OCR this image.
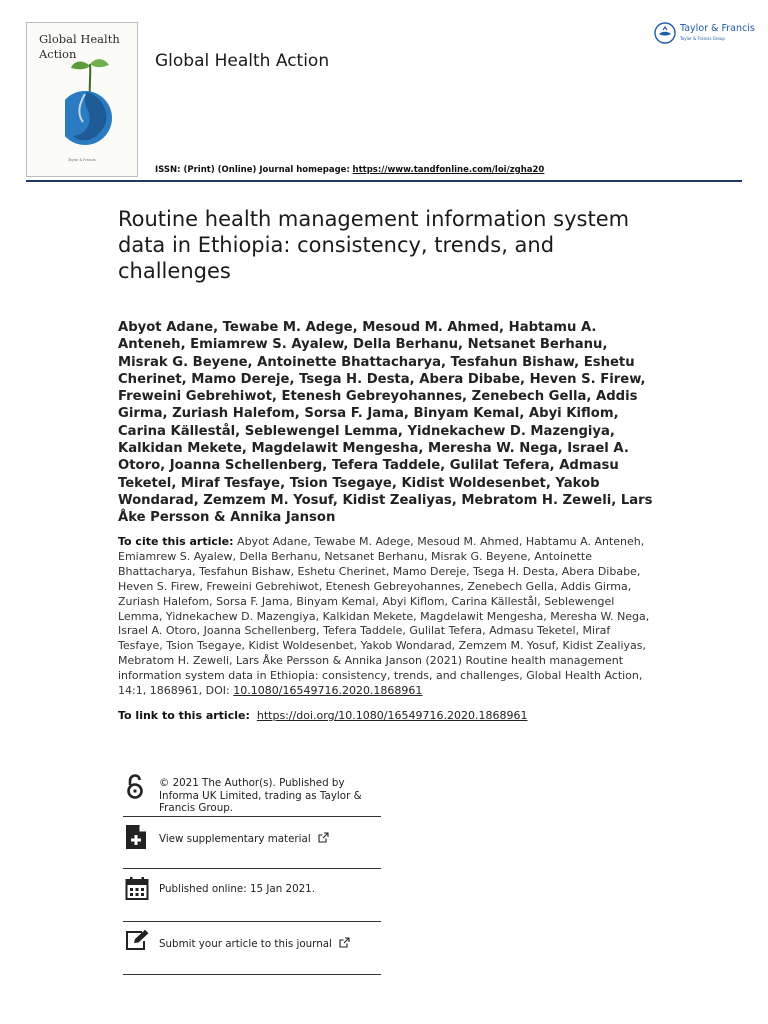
Global Health Action
Taylor & Francis
Global Health Action
Taylor & Francis
Taylor & Francis Group
ISSN: (Print) (Online) Journal homepage: https://www.tandfonline.com/loi/zgha20
Routine health management information system data in Ethiopia: consistency, trends, and challenges
Abyot Adane, Tewabe M. Adege, Mesoud M. Ahmed, Habtamu A. Anteneh, Emiamrew S. Ayalew, Della Berhanu, Netsanet Berhanu, Misrak G. Beyene, Antoinette Bhattacharya, Tesfahun Bishaw, Eshetu Cherinet, Mamo Dereje, Tsega H. Desta, Abera Dibabe, Heven S. Firew, Freweini Gebrehiwot, Etenesh Gebreyohannes, Zenebech Gella, Addis Girma, Zuriash Halefom, Sorsa F. Jama, Binyam Kemal, Abyi Kiflom, Carina Källestål, Seblewengel Lemma, Yidnekachew D. Mazengiya, Kalkidan Mekete, Magdelawit Mengesha, Meresha W. Nega, Israel A. Otoro, Joanna Schellenberg, Tefera Taddele, Gulilat Tefera, Admasu Teketel, Miraf Tesfaye, Tsion Tsegaye, Kidist Woldesenbet, Yakob Wondarad, Zemzem M. Yosuf, Kidist Zealiyas, Mebratom H. Zeweli, Lars Åke Persson & Annika Janson
To cite this article: Abyot Adane, Tewabe M. Adege, Mesoud M. Ahmed, Habtamu A. Anteneh, Emiamrew S. Ayalew, Della Berhanu, Netsanet Berhanu, Misrak G. Beyene, Antoinette Bhattacharya, Tesfahun Bishaw, Eshetu Cherinet, Mamo Dereje, Tsega H. Desta, Abera Dibabe, Heven S. Firew, Freweini Gebrehiwot, Etenesh Gebreyohannes, Zenebech Gella, Addis Girma, Zuriash Halefom, Sorsa F. Jama, Binyam Kemal, Abyi Kiflom, Carina Källestål, Seblewengel Lemma, Yidnekachew D. Mazengiya, Kalkidan Mekete, Magdelawit Mengesha, Meresha W. Nega, Israel A. Otoro, Joanna Schellenberg, Tefera Taddele, Gulilat Tefera, Admasu Teketel, Miraf Tesfaye, Tsion Tsegaye, Kidist Woldesenbet, Yakob Wondarad, Zemzem M. Yosuf, Kidist Zealiyas, Mebratom H. Zeweli, Lars Åke Persson & Annika Janson (2021) Routine health management information system data in Ethiopia: consistency, trends, and challenges, Global Health Action, 14:1, 1868961, DOI: 10.1080/16549716.2020.1868961
To link to this article: https://doi.org/10.1080/16549716.2020.1868961
© 2021 The Author(s). Published by Informa UK Limited, trading as Taylor & Francis Group.
View supplementary material
Published online: 15 Jan 2021.
Submit your article to this journal
